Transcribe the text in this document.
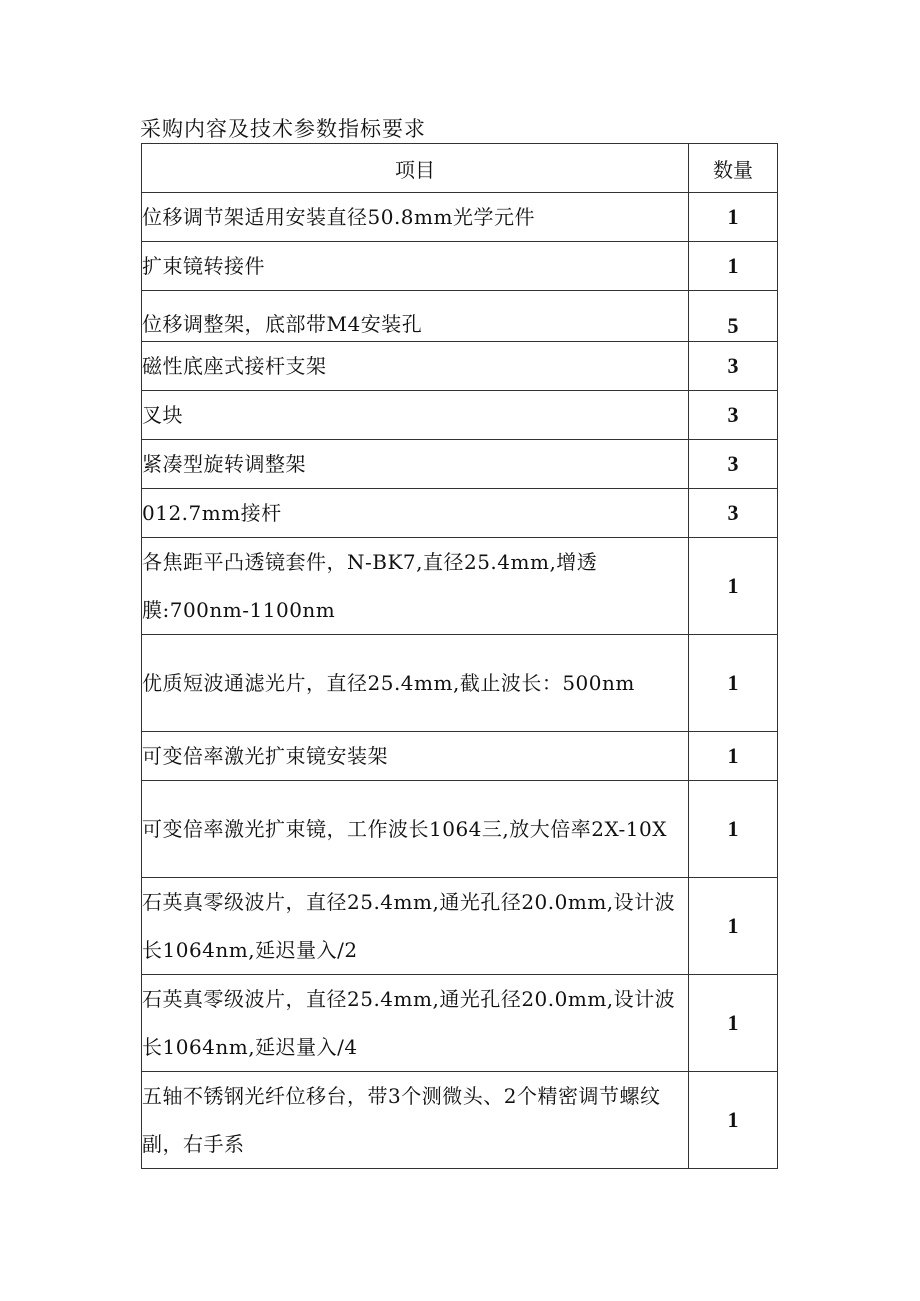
采购内容及技术参数指标要求
项目	数量
位移调节架适用安装直径50.8mm光学元件	1
扩束镜转接件	1
位移调整架，底部带M4安装孔	5
磁性底座式接杆支架	3
叉块	3
紧凑型旋转调整架	3
012.7mm接杆	3
各焦距平凸透镜套件，N-BK7,直径25.4mm,增透膜:700nm-1100nm	1
优质短波通滤光片，直径25.4mm,截止波长：500nm	1
可变倍率激光扩束镜安装架	1
可变倍率激光扩束镜，工作波长1064三,放大倍率2X-10X	1
石英真零级波片，直径25.4mm,通光孔径20.0mm,设计波长1064nm,延迟量入/2	1
石英真零级波片，直径25.4mm,通光孔径20.0mm,设计波长1064nm,延迟量入/4	1
五轴不锈钢光纤位移台，带3个测微头、2个精密调节螺纹副，右手系	1
